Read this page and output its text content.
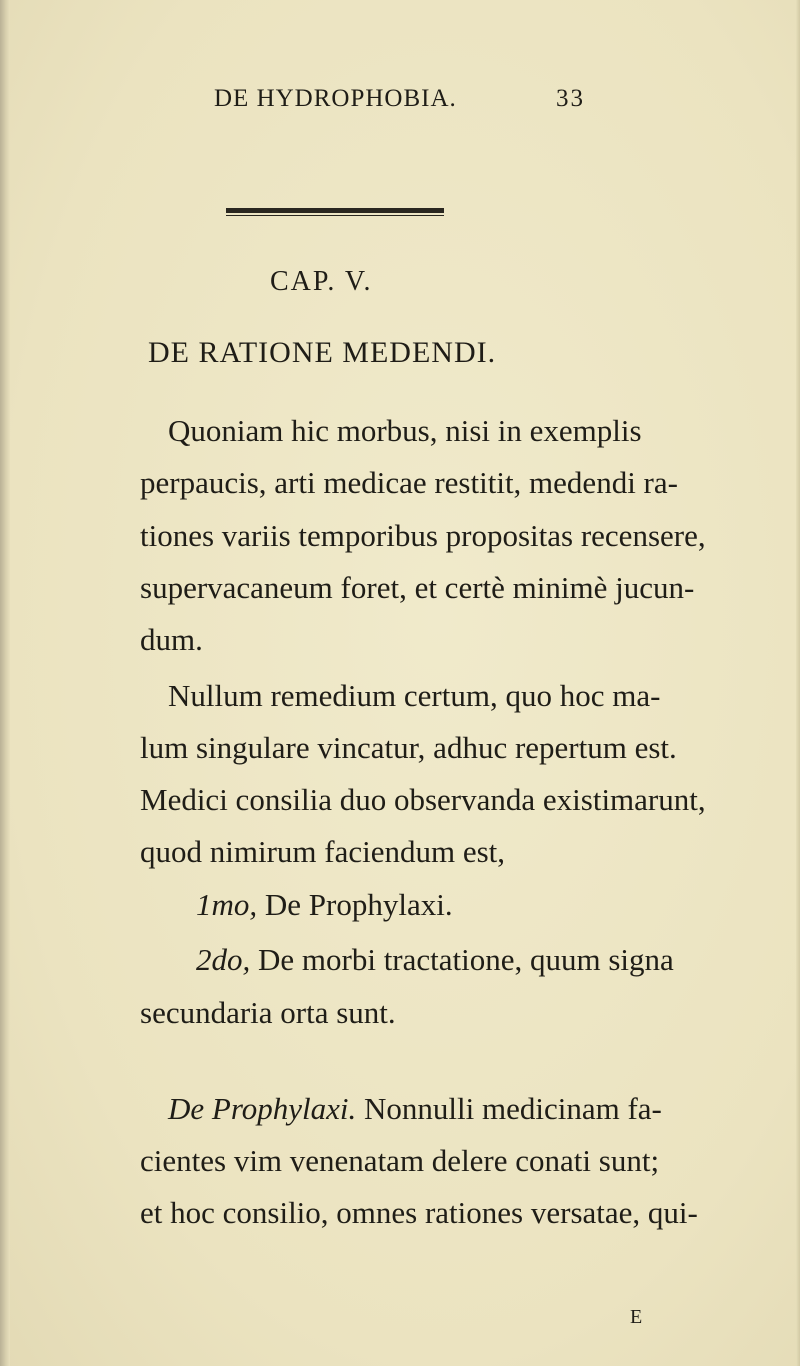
DE HYDROPHOBIA.	33
CAP. V.
DE RATIONE MEDENDI.
Quoniam hic morbus, nisi in exemplis
perpaucis, arti medicae restitit, medendi ra-
tiones variis temporibus propositas recensere,
supervacaneum foret, et certè minimè jucun-
dum.
Nullum remedium certum, quo hoc ma-
lum singulare vincatur, adhuc repertum est.
Medici consilia duo observanda existimarunt,
quod nimirum faciendum est,
1mo, De Prophylaxi.
2do, De morbi tractatione, quum signa
secundaria orta sunt.
De Prophylaxi. Nonnulli medicinam fa-
cientes vim venenatam delere conati sunt;
et hoc consilio, omnes rationes versatae, qui-
E
